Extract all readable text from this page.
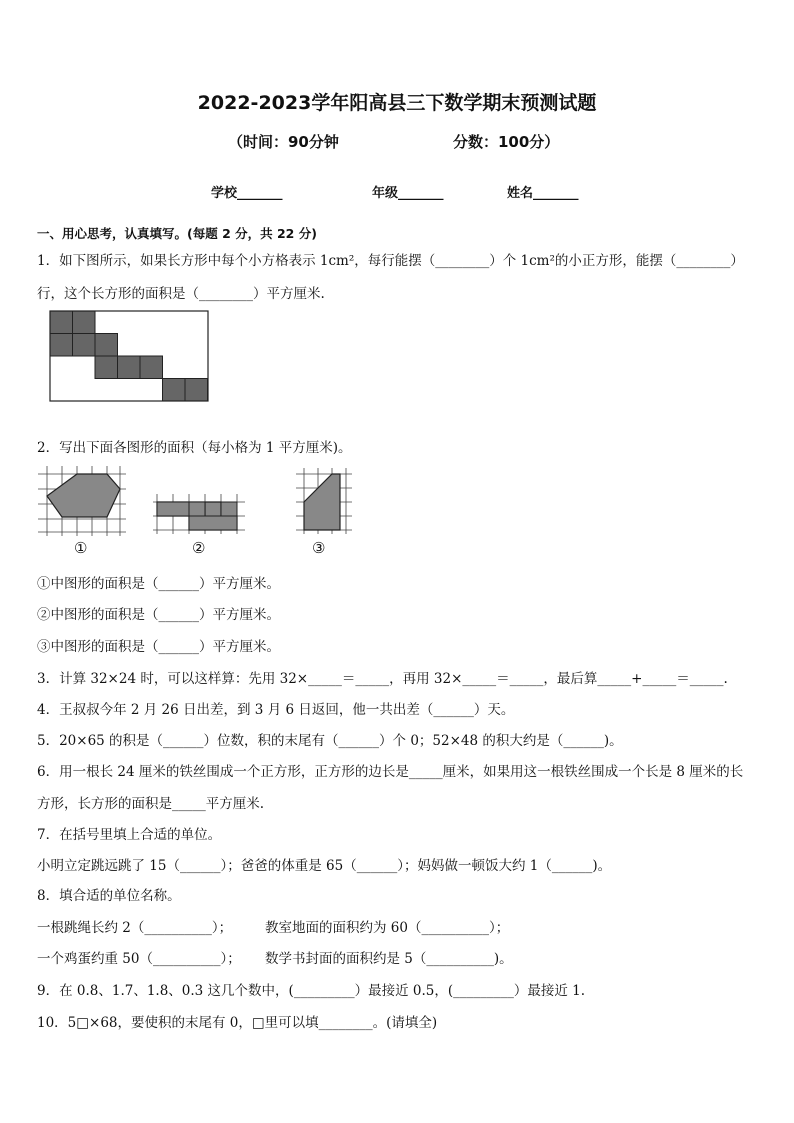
2022-2023学年阳高县三下数学期末预测试题
（时间：90分钟	分数：100分）
学校_______	年级_______	姓名_______
一、用心思考，认真填写。(每题 2 分，共 22 分)
1．如下图所示，如果长方形中每个小方格表示 1cm²，每行能摆（________）个 1cm²的小正方形，能摆（________）
行，这个长方形的面积是（________）平方厘米.
2．写出下面各图形的面积（每小格为 1 平方厘米)。
①	②	③
①中图形的面积是（______）平方厘米。
②中图形的面积是（______）平方厘米。
③中图形的面积是（______）平方厘米。
3．计算 32×24 时，可以这样算：先用 32×_____＝_____，再用 32×_____＝_____，最后算_____+_____＝_____.
4．王叔叔今年 2 月 26 日出差，到 3 月 6 日返回，他一共出差（______）天。
5．20×65 的积是（______）位数，积的末尾有（______）个 0；52×48 的积大约是（______)。
6．用一根长 24 厘米的铁丝围成一个正方形，正方形的边长是_____厘米，如果用这一根铁丝围成一个长是 8 厘米的长
方形，长方形的面积是_____平方厘米.
7．在括号里填上合适的单位。
小明立定跳远跳了 15（______）；爸爸的体重是 65（______）；妈妈做一顿饭大约 1（______)。
8．填合适的单位名称。
一根跳绳长约 2（__________）； 教室地面的面积约为 60（__________）；
一个鸡蛋约重 50（__________）； 数学书封面的面积约是 5（__________)。
9．在 0.8、1.7、1.8、0.3 这几个数中，(_________）最接近 0.5，(_________）最接近 1.
10．5□×68，要使积的末尾有 0，□里可以填________。(请填全)
